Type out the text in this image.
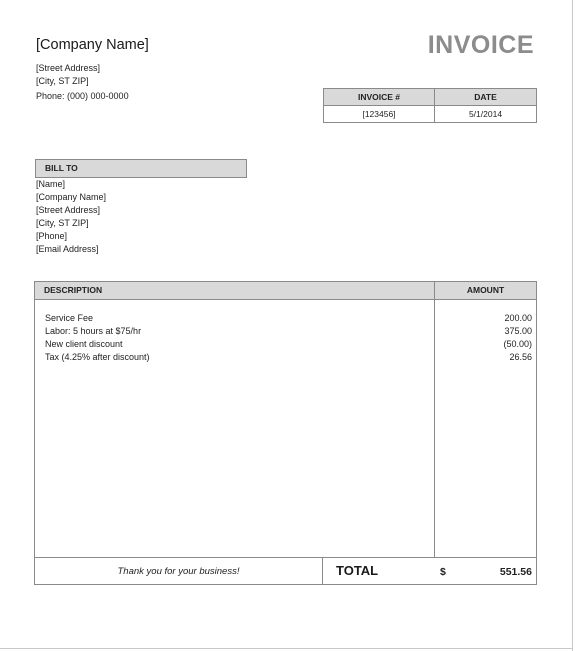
[Company Name]
[Street Address]
[City, ST ZIP]
Phone: (000) 000-0000
INVOICE
INVOICE #	DATE
[123456]	5/1/2014
BILL TO
[Name]
[Company Name]
[Street Address]
[City, ST ZIP]
[Phone]
[Email Address]
DESCRIPTION	AMOUNT
Service Fee	200.00
Labor: 5 hours at $75/hr	375.00
New client discount	(50.00)
Tax (4.25% after discount)	26.56
Thank you for your business!	TOTAL	$	551.56
